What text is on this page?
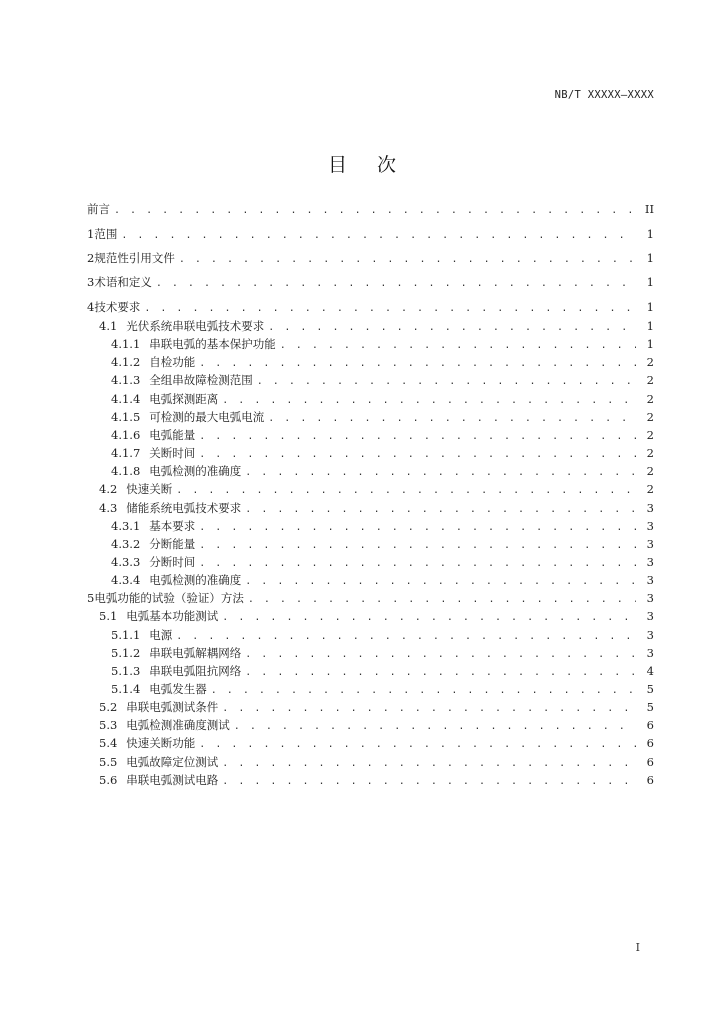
NB/T XXXXX—XXXX
目次
前言 . . .	II
1 范围 . . .	1
2 规范性引用文件 . . .	1
3 术语和定义 . . .	1
4 技术要求 . . .	1
4.1 光伏系统串联电弧技术要求 . . .	1
4.1.1 串联电弧的基本保护功能 . . .	1
4.1.2 自检功能 . . .	2
4.1.3 全组串故障检测范围 . . .	2
4.1.4 电弧探测距离 . . .	2
4.1.5 可检测的最大电弧电流 . . .	2
4.1.6 电弧能量 . . .	2
4.1.7 关断时间 . . .	2
4.1.8 电弧检测的准确度 . . .	2
4.2 快速关断 . . .	2
4.3 储能系统电弧技术要求 . . .	3
4.3.1 基本要求 . . .	3
4.3.2 分断能量 . . .	3
4.3.3 分断时间 . . .	3
4.3.4 电弧检测的准确度 . . .	3
5 电弧功能的试验（验证）方法 . . .	3
5.1 电弧基本功能测试 . . .	3
5.1.1 电源 . . .	3
5.1.2 串联电弧解耦网络 . . .	3
5.1.3 串联电弧阻抗网络 . . .	4
5.1.4 电弧发生器 . . .	5
5.2 串联电弧测试条件 . . .	5
5.3 电弧检测准确度测试 . . .	6
5.4 快速关断功能 . . .	6
5.5 电弧故障定位测试 . . .	6
5.6 串联电弧测试电路 . . .	6
I
